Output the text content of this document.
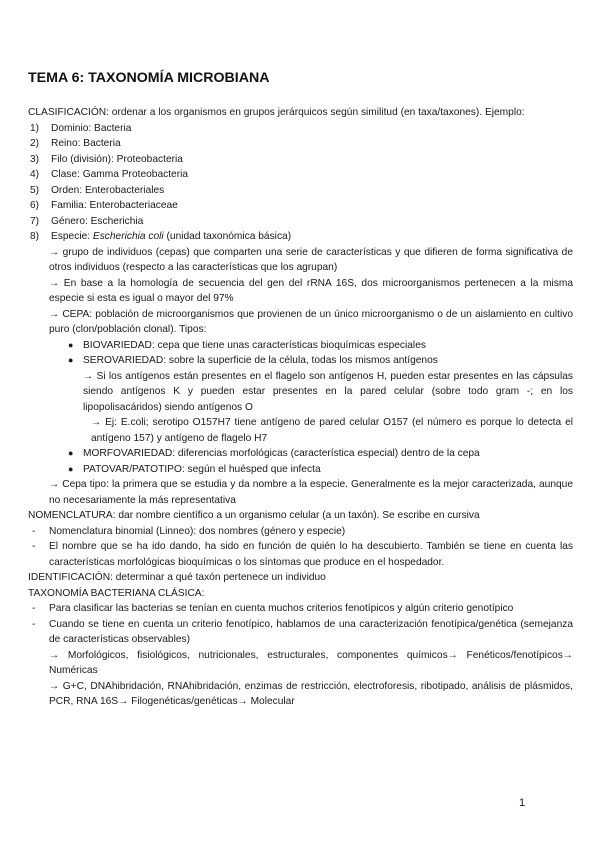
TEMA 6: TAXONOMÍA MICROBIANA

CLASIFICACIÓN: ordenar a los organismos en grupos jerárquicos según similitud (en taxa/taxones). Ejemplo:

1) Dominio: Bacteria

2) Reino: Bacteria

3) Filo (división): Proteobacteria

4) Clase: Gamma Proteobacteria

5) Orden: Enterobacteriales

6) Familia: Enterobacteriaceae

7) Género: Escherichia

8) Especie: Escherichia coli (unidad taxonómica básica)

→ grupo de individuos (cepas) que comparten una serie de características y que difieren de forma significativa de otros individuos (respecto a las características que los agrupan)

→ En base a la homología de secuencia del gen del rRNA 16S, dos microorganismos pertenecen a la misma especie si esta es igual o mayor del 97%

→ CEPA: población de microorganismos que provienen de un único microorganismo o de un aislamiento en cultivo puro (clon/población clonal). Tipos:

● BIOVARIEDAD: cepa que tiene unas características bioquímicas especiales

● SEROVARIEDAD: sobre la superficie de la célula, todas los mismos antígenos

→ Si los antígenos están presentes en el flagelo son antígenos H, pueden estar presentes en las cápsulas siendo antígenos K y pueden estar presentes en la pared celular (sobre todo gram -; en los lipopolisacáridos) siendo antígenos O

→ Ej: E.coli; serotipo O157H7 tiene antígeno de pared celular O157 (el número es porque lo detecta el antígeno 157) y antígeno de flagelo H7

● MORFOVARIEDAD: diferencias morfológicas (característica especial) dentro de la cepa

● PATOVAR/PATOTIPO: según el huésped que infecta

→ Cepa tipo: la primera que se estudia y da nombre a la especie. Generalmente es la mejor caracterizada, aunque no necesariamente la más representativa

NOMENCLATURA: dar nombre científico a un organismo celular (a un taxón). Se escribe en cursiva

- Nomenclatura binomial (Linneo): dos nombres (género y especie)

- El nombre que se ha ido dando, ha sido en función de quién lo ha descubierto. También se tiene en cuenta las características morfológicas bioquímicas o los síntomas que produce en el hospedador.

IDENTIFICACIÓN: determinar a qué taxón pertenece un individuo

TAXONOMÍA BACTERIANA CLÁSICA:

- Para clasificar las bacterias se tenían en cuenta muchos criterios fenotípicos y algún criterio genotípico

- Cuando se tiene en cuenta un criterio fenotípico, hablamos de una caracterización fenotípica/genética (semejanza de características observables)

→ Morfológicos, fisiológicos, nutricionales, estructurales, componentes químicos→ Fenéticos/fenotípicos→ Numéricas

→ G+C, DNAhibridación, RNAhibridación, enzimas de restricción, electroforesis, ribotipado, análisis de plásmidos, PCR, RNA 16S→ Filogenéticas/genéticas→ Molecular

1
